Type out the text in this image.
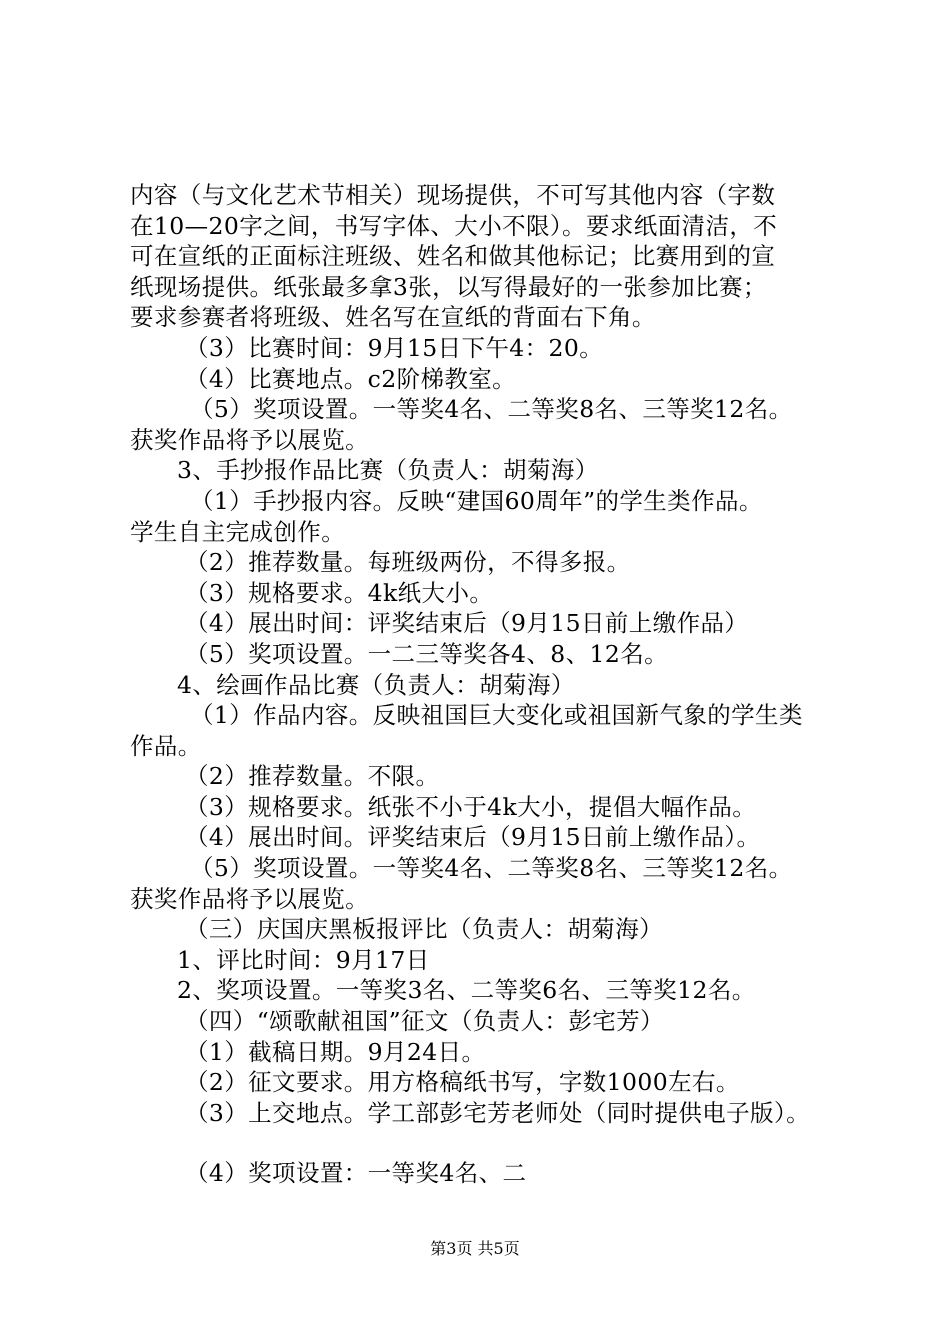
内容（与文化艺术节相关）现场提供，不可写其他内容（字数
在10—20字之间，书写字体、大小不限）。要求纸面清洁，不
可在宣纸的正面标注班级、姓名和做其他标记；比赛用到的宣
纸现场提供。纸张最多拿3张，以写得最好的一张参加比赛；
要求参赛者将班级、姓名写在宣纸的背面右下角。
（3）比赛时间：9月15日下午4：20。
（4）比赛地点。c2阶梯教室。
（5）奖项设置。一等奖4名、二等奖8名、三等奖12名。
获奖作品将予以展览。
3、手抄报作品比赛（负责人：胡菊海）
（1）手抄报内容。反映“建国60周年”的学生类作品。
学生自主完成创作。
（2）推荐数量。每班级两份，不得多报。
（3）规格要求。4k纸大小。
（4）展出时间：评奖结束后（9月15日前上缴作品）
（5）奖项设置。一二三等奖各4、8、12名。
4、绘画作品比赛（负责人：胡菊海）
（1）作品内容。反映祖国巨大变化或祖国新气象的学生类
作品。
（2）推荐数量。不限。
（3）规格要求。纸张不小于4k大小，提倡大幅作品。
（4）展出时间。评奖结束后（9月15日前上缴作品）。
（5）奖项设置。一等奖4名、二等奖8名、三等奖12名。
获奖作品将予以展览。
（三）庆国庆黑板报评比（负责人：胡菊海）
1、评比时间：9月17日
2、奖项设置。一等奖3名、二等奖6名、三等奖12名。
（四）“颂歌献祖国”征文（负责人：彭宅芳）
（1）截稿日期。9月24日。
（2）征文要求。用方格稿纸书写，字数1000左右。
（3）上交地点。学工部彭宅芳老师处（同时提供电子版）。
（4）奖项设置：一等奖4名、二
第3页 共5页
